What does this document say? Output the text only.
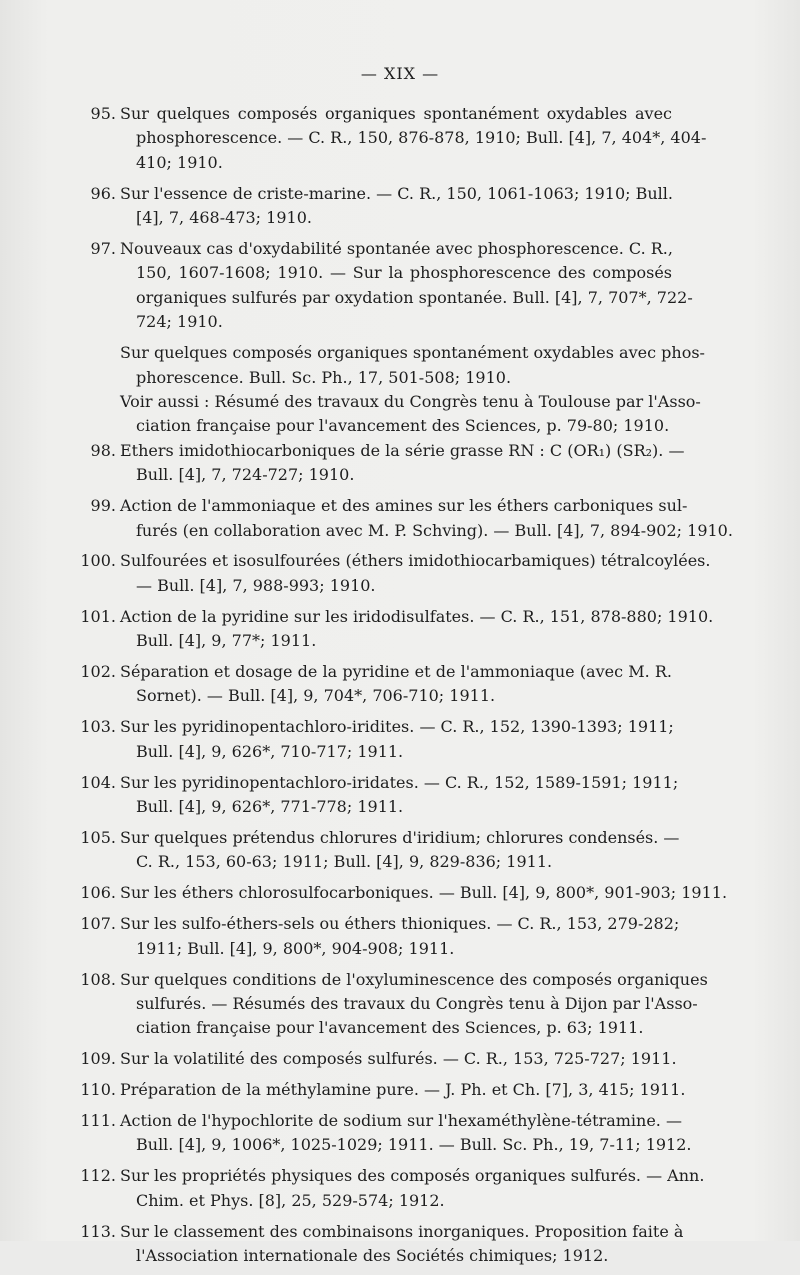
— XIX —
95. Sur quelques composés organiques spontanément oxydables avec
phosphorescence. — C. R., 150, 876-878, 1910; Bull. [4], 7, 404*, 404-
410; 1910.
96. Sur l'essence de criste-marine. — C. R., 150, 1061-1063; 1910; Bull.
[4], 7, 468-473; 1910.
97. Nouveaux cas d'oxydabilité spontanée avec phosphorescence. C. R.,
150, 1607-1608; 1910. — Sur la phosphorescence des composés
organiques sulfurés par oxydation spontanée. Bull. [4], 7, 707*, 722-
724; 1910.
Sur quelques composés organiques spontanément oxydables avec phos-
phorescence. Bull. Sc. Ph., 17, 501-508; 1910.
Voir aussi : Résumé des travaux du Congrès tenu à Toulouse par l'Asso-
ciation française pour l'avancement des Sciences, p. 79-80; 1910.
98. Ethers imidothiocarboniques de la série grasse RN : C (OR₁) (SR₂). —
Bull. [4], 7, 724-727; 1910.
99. Action de l'ammoniaque et des amines sur les éthers carboniques sul-
furés (en collaboration avec M. P. Schving). — Bull. [4], 7, 894-902; 1910.
100. Sulfourées et isosulfourées (éthers imidothiocarbamiques) tétralcoylées.
— Bull. [4], 7, 988-993; 1910.
101. Action de la pyridine sur les iridodisulfates. — C. R., 151, 878-880; 1910.
Bull. [4], 9, 77*; 1911.
102. Séparation et dosage de la pyridine et de l'ammoniaque (avec M. R.
Sornet). — Bull. [4], 9, 704*, 706-710; 1911.
103. Sur les pyridinopentachloro-iridites. — C. R., 152, 1390-1393; 1911;
Bull. [4], 9, 626*, 710-717; 1911.
104. Sur les pyridinopentachloro-iridates. — C. R., 152, 1589-1591; 1911;
Bull. [4], 9, 626*, 771-778; 1911.
105. Sur quelques prétendus chlorures d'iridium; chlorures condensés. —
C. R., 153, 60-63; 1911; Bull. [4], 9, 829-836; 1911.
106. Sur les éthers chlorosulfocarboniques. — Bull. [4], 9, 800*, 901-903; 1911.
107. Sur les sulfo-éthers-sels ou éthers thioniques. — C. R., 153, 279-282;
1911; Bull. [4], 9, 800*, 904-908; 1911.
108. Sur quelques conditions de l'oxyluminescence des composés organiques
sulfurés. — Résumés des travaux du Congrès tenu à Dijon par l'Asso-
ciation française pour l'avancement des Sciences, p. 63; 1911.
109. Sur la volatilité des composés sulfurés. — C. R., 153, 725-727; 1911.
110. Préparation de la méthylamine pure. — J. Ph. et Ch. [7], 3, 415; 1911.
111. Action de l'hypochlorite de sodium sur l'hexaméthylène-tétramine. —
Bull. [4], 9, 1006*, 1025-1029; 1911. — Bull. Sc. Ph., 19, 7-11; 1912.
112. Sur les propriétés physiques des composés organiques sulfurés. — Ann.
Chim. et Phys. [8], 25, 529-574; 1912.
113. Sur le classement des combinaisons inorganiques. Proposition faite à
l'Association internationale des Sociétés chimiques; 1912.
